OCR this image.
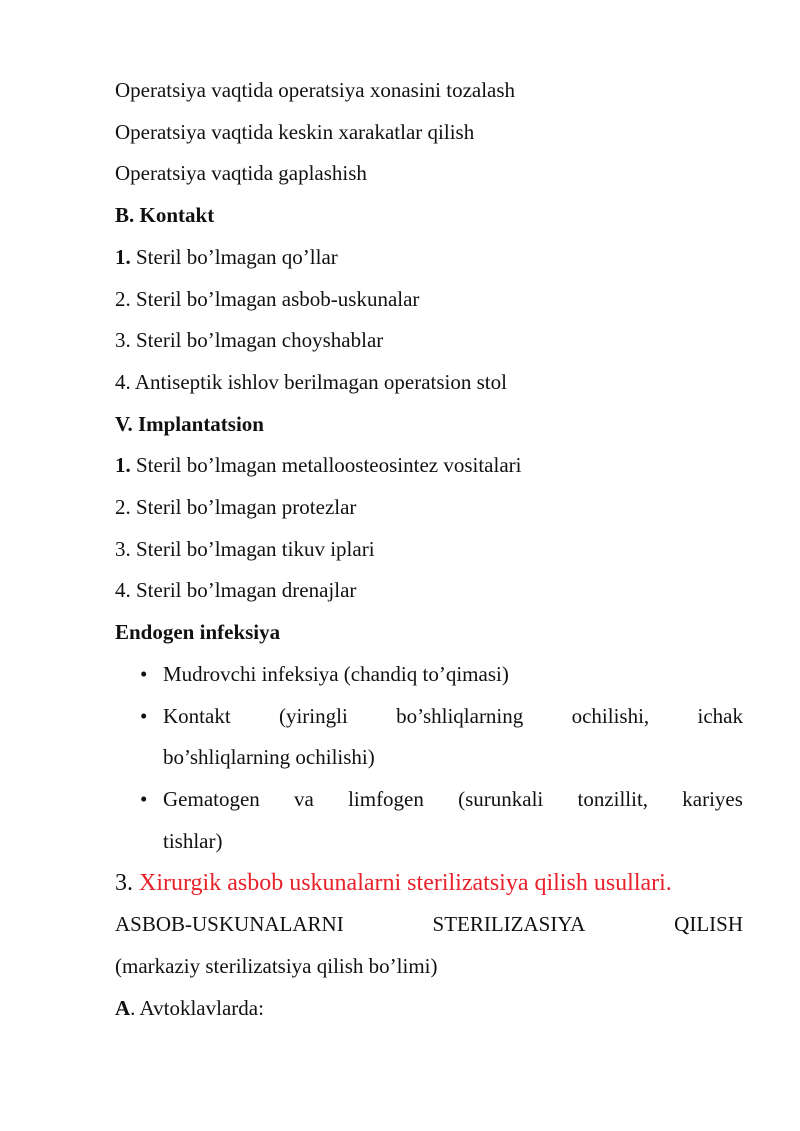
Operatsiya vaqtida operatsiya xonasini tozalash
Operatsiya vaqtida keskin xarakatlar qilish
Operatsiya vaqtida gaplashish
B. Kontakt
1. Steril bo’lmagan qo’llar
2. Steril bo’lmagan asbob-uskunalar
3. Steril bo’lmagan choyshablar
4. Antiseptik ishlov berilmagan operatsion stol
V. Implantatsion
1. Steril bo’lmagan metalloosteosintez vositalari
2. Steril bo’lmagan protezlar
3. Steril bo’lmagan tikuv iplari
4. Steril bo’lmagan drenajlar
Endogen infeksiya
• Mudrovchi infeksiya (chandiq to’qimasi)
• Kontakt (yiringli bo’shliqlarning ochilishi, ichak
bo’shliqlarning ochilishi)
• Gematogen va limfogen (surunkali tonzillit, kariyes
tishlar)
3. Xirurgik asbob uskunalarni sterilizatsiya qilish usullari.
ASBOB-USKUNALARNI	STERILIZASIYA	QILISH
(markaziy sterilizatsiya qilish bo’limi)
A. Avtoklavlarda:
